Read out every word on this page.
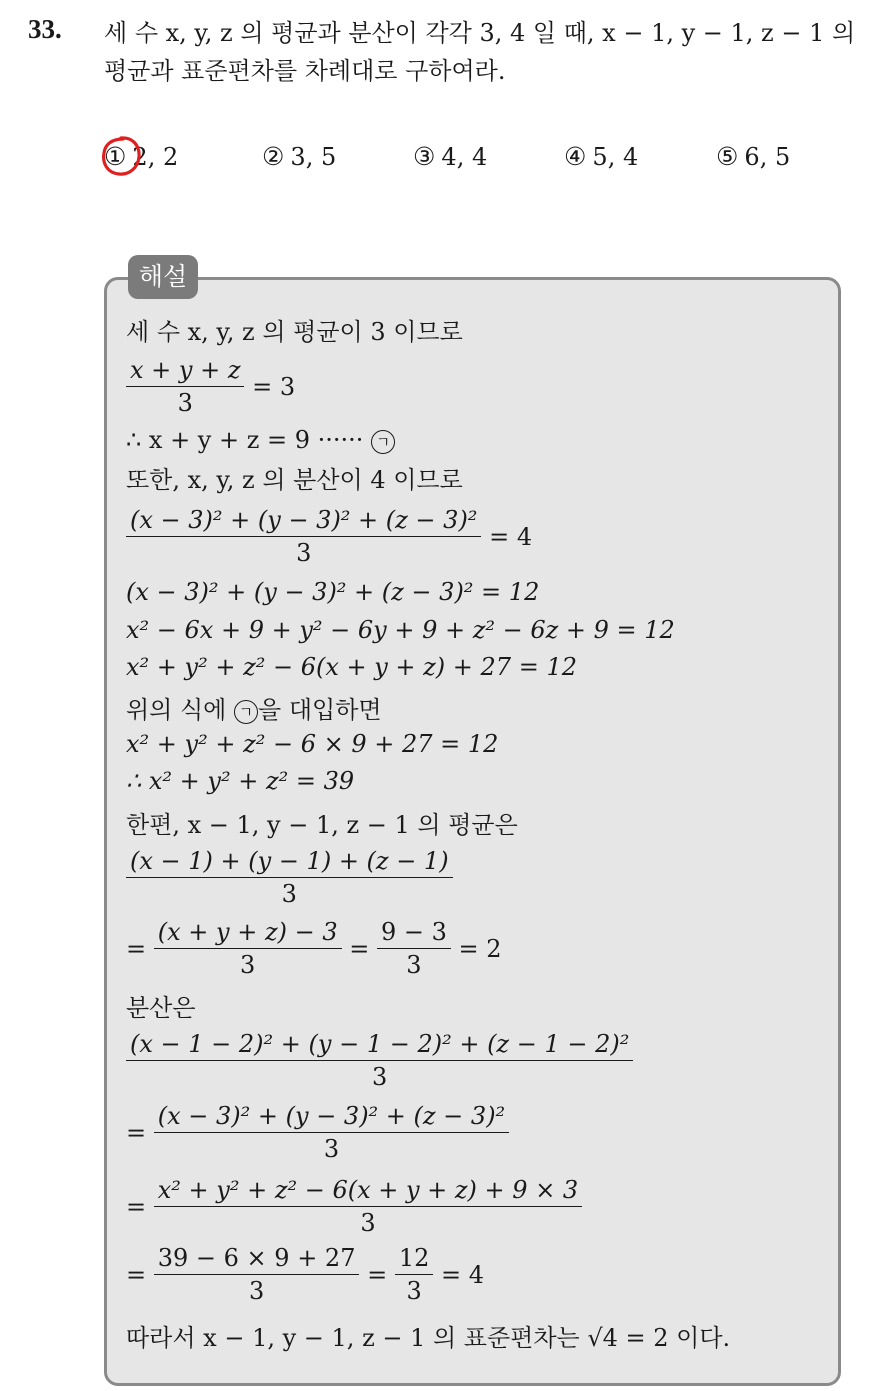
33. 세 수 x, y, z 의 평균과 분산이 각각 3, 4 일 때, x − 1, y − 1, z − 1 의
평균과 표준편차를 차례대로 구하여라.
① 2, 2	② 3, 5	③ 4, 4	④ 5, 4	⑤ 6, 5
해설
세 수 x, y, z 의 평균이 3 이므로
$\frac{x + y + z}{3} = 3$
∴ x + y + z = 9 ······ ㄱ
또한, x, y, z 의 분산이 4 이므로
$\frac{\text{(x − 3)² + (y − 3)² + (z − 3)²}}{3} = 4$
(x − 3)² + (y − 3)² + (z − 3)² = 12
x² − 6x + 9 + y² − 6y + 9 + z² − 6z + 9 = 12
x² + y² + z² − 6(x + y + z) + 27 = 12
위의 식에 ㄱ 을 대입하면
x² + y² + z² − 6 × 9 + 27 = 12
∴ x² + y² + z² = 39
한편, x − 1, y − 1, z − 1 의 평균은
$\frac{(x - 1) + (y - 1) + (z - 1)}{3}$
= $\frac{(x + y + z) - 3}{3} = \frac{9 - 3}{3} = 2$
분산은
$\frac{\text{(x − 1 − 2)² + (y − 1 − 2)² + (z − 1 − 2)²}}{3}$
= $\frac{\text{(x − 3)² + (y − 3)² + (z − 3)²}}{3}$
= $\frac{\text{x² + y² + z² − 6(x + y + z) + 9 × 3}}{3}$
= $\frac{39 - 6 \times 9 + 27}{3} = \frac{12}{3} = 4$
따라서 x − 1, y − 1, z − 1 의 표준편차는 √4 = 2 이다.
